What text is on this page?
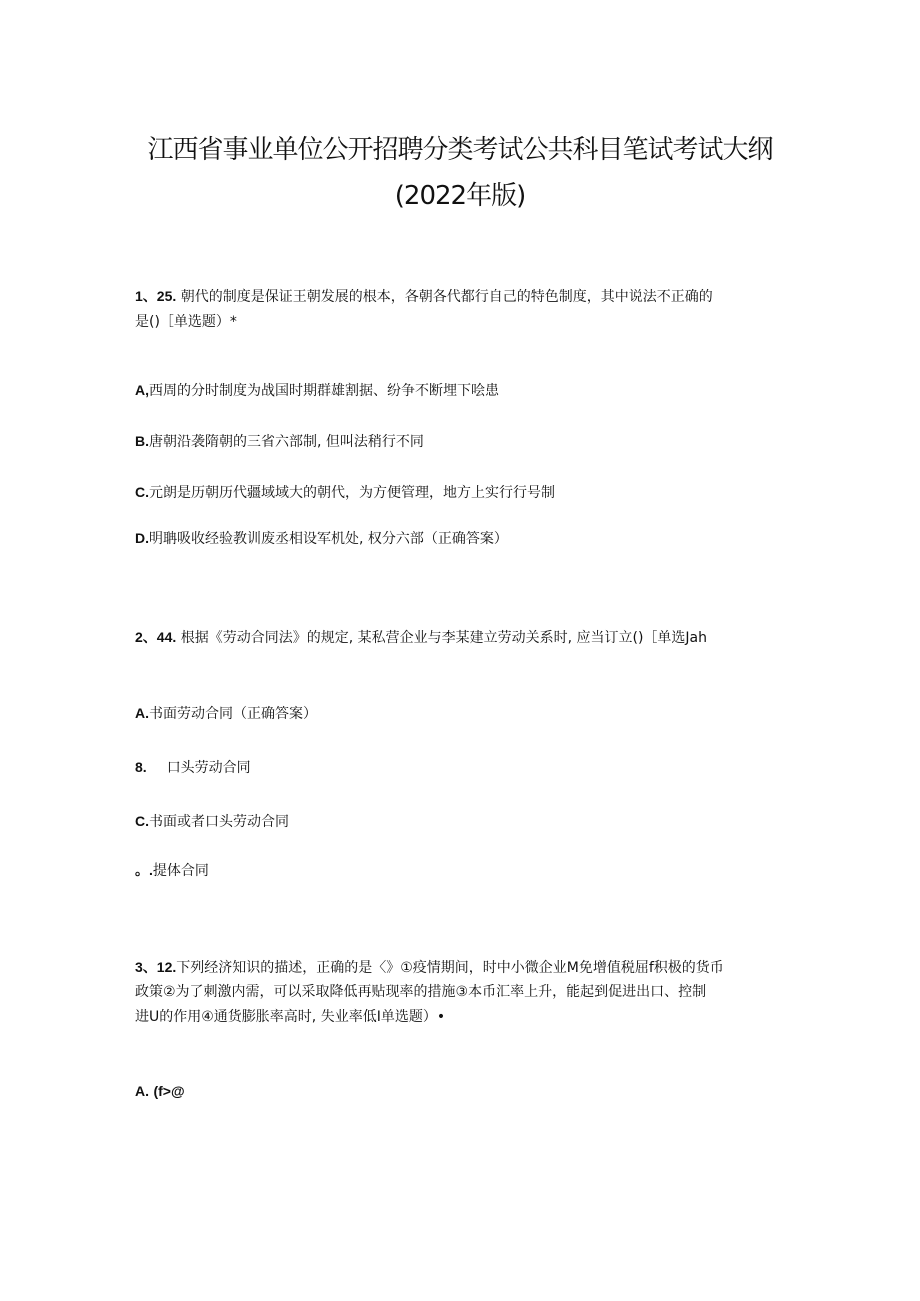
江西省事业单位公开招聘分类考试公共科目笔试考试大纲
(2022年版)

1、25. 朝代的制度是保证王朝发展的根本，各朝各代都行自己的特色制度，其中说法不正确的

是()［单选题）*

A,西周的分时制度为战国时期群雄割据、纷争不断埋下哙患

B.唐朝沿袭隋朝的三省六部制, 但叫法稍行不同

C.元朗是历朝历代疆域域大的朝代，为方便管理，地方上实行行号制

D.明聃吸收经验教训废丞相设军机处, 权分六部（正确答案）

2、44. 根据《劳动合同法》的规定, 某私营企业与李某建立劳动关系时, 应当订立()［单选Jah

A.书面劳动合同（正确答案）

8. 口头劳动合同

C.书面或者口头劳动合同

。.提体合同

3、12.下列经济知识的描述，正确的是〈》①疫情期间，时中小微企业M免增值税屈f积极的货币

政策②为了刺激内需，可以采取降低再贴现率的措施③本币汇率上升，能起到促进出口、控制

进U的作用④通货膨胀率高时, 失业率低I单选题）•

A. (f>@
